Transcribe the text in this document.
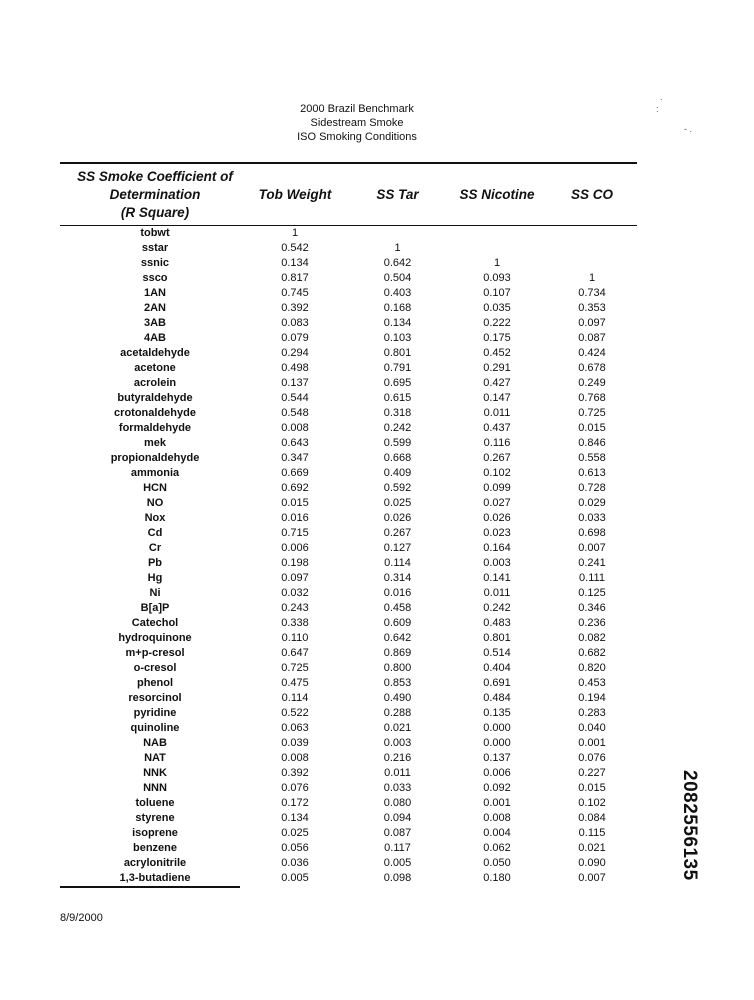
2000 Brazil Benchmark
Sidestream Smoke
ISO Smoking Conditions
SS Smoke Coefficient of
Determination
(R Square)
Tob Weight	SS Tar	SS Nicotine	SS CO
tobwt	1
sstar	0.542	1
ssnic	0.134	0.642	1
ssco	0.817	0.504	0.093	1
1AN	0.745	0.403	0.107	0.734
2AN	0.392	0.168	0.035	0.353
3AB	0.083	0.134	0.222	0.097
4AB	0.079	0.103	0.175	0.087
acetaldehyde	0.294	0.801	0.452	0.424
acetone	0.498	0.791	0.291	0.678
acrolein	0.137	0.695	0.427	0.249
butyraldehyde	0.544	0.615	0.147	0.768
crotonaldehyde	0.548	0.318	0.011	0.725
formaldehyde	0.008	0.242	0.437	0.015
mek	0.643	0.599	0.116	0.846
propionaldehyde	0.347	0.668	0.267	0.558
ammonia	0.669	0.409	0.102	0.613
HCN	0.692	0.592	0.099	0.728
NO	0.015	0.025	0.027	0.029
Nox	0.016	0.026	0.026	0.033
Cd	0.715	0.267	0.023	0.698
Cr	0.006	0.127	0.164	0.007
Pb	0.198	0.114	0.003	0.241
Hg	0.097	0.314	0.141	0.111
Ni	0.032	0.016	0.011	0.125
B[a]P	0.243	0.458	0.242	0.346
Catechol	0.338	0.609	0.483	0.236
hydroquinone	0.110	0.642	0.801	0.082
m+p-cresol	0.647	0.869	0.514	0.682
o-cresol	0.725	0.800	0.404	0.820
phenol	0.475	0.853	0.691	0.453
resorcinol	0.114	0.490	0.484	0.194
pyridine	0.522	0.288	0.135	0.283
quinoline	0.063	0.021	0.000	0.040
NAB	0.039	0.003	0.000	0.001
NAT	0.008	0.216	0.137	0.076
NNK	0.392	0.011	0.006	0.227
NNN	0.076	0.033	0.092	0.015
toluene	0.172	0.080	0.001	0.102
styrene	0.134	0.094	0.008	0.084
isoprene	0.025	0.087	0.004	0.115
benzene	0.056	0.117	0.062	0.021
acrylonitrile	0.036	0.005	0.050	0.090
1,3-butadiene	0.005	0.098	0.180	0.007
8/9/2000
2082556135
.
:
- .
